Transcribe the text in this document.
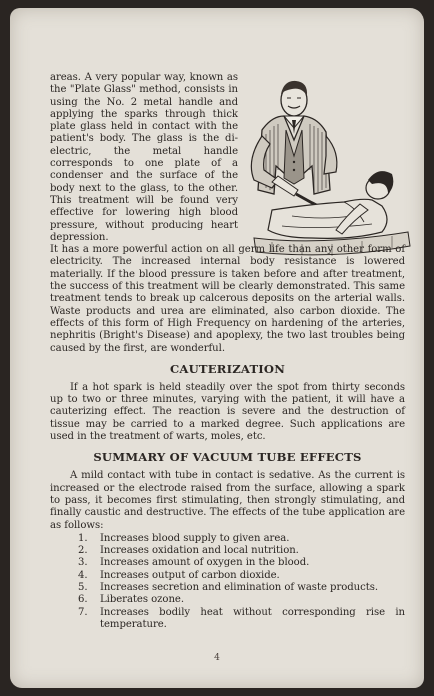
areas. A very popular way, known as the "Plate Glass" method, consists in using the No. 2 metal handle and applying the sparks through thick plate glass held in contact with the patient's body. The glass is the di-electric, the metal handle corresponds to one plate of a condenser and the surface of the body next to the glass, to the other. This treatment will be found very effective for lowering high blood pressure, without producing heart depression.

It has a more powerful action on all germ life than any other form of electricity. The increased internal body resistance is lowered materially. If the blood pressure is taken before and after treatment, the success of this treatment will be clearly demonstrated. This same treatment tends to break up calcerous deposits on the arterial walls. Waste products and urea are eliminated, also carbon dioxide. The effects of this form of High Frequency on hardening of the arteries, nephritis (Bright's Disease) and apoplexy, the two last troubles being caused by the first, are wonderful.

CAUTERIZATION

If a hot spark is held steadily over the spot from thirty seconds up to two or three minutes, varying with the patient, it will have a cauterizing effect. The reaction is severe and the destruction of tissue may be carried to a marked degree. Such applications are used in the treatment of warts, moles, etc.

SUMMARY OF VACUUM TUBE EFFECTS

A mild contact with tube in contact is sedative. As the current is increased or the electrode raised from the surface, allowing a spark to pass, it becomes first stimulating, then strongly stimulating, and finally caustic and destructive. The effects of the tube application are as follows:

1.	Increases blood supply to given area.
2.	Increases oxidation and local nutrition.
3.	Increases amount of oxygen in the blood.
4.	Increases output of carbon dioxide.
5.	Increases secretion and elimination of waste products.
6.	Liberates ozone.
7.	Increases bodily heat without corresponding rise in temperature.
4
